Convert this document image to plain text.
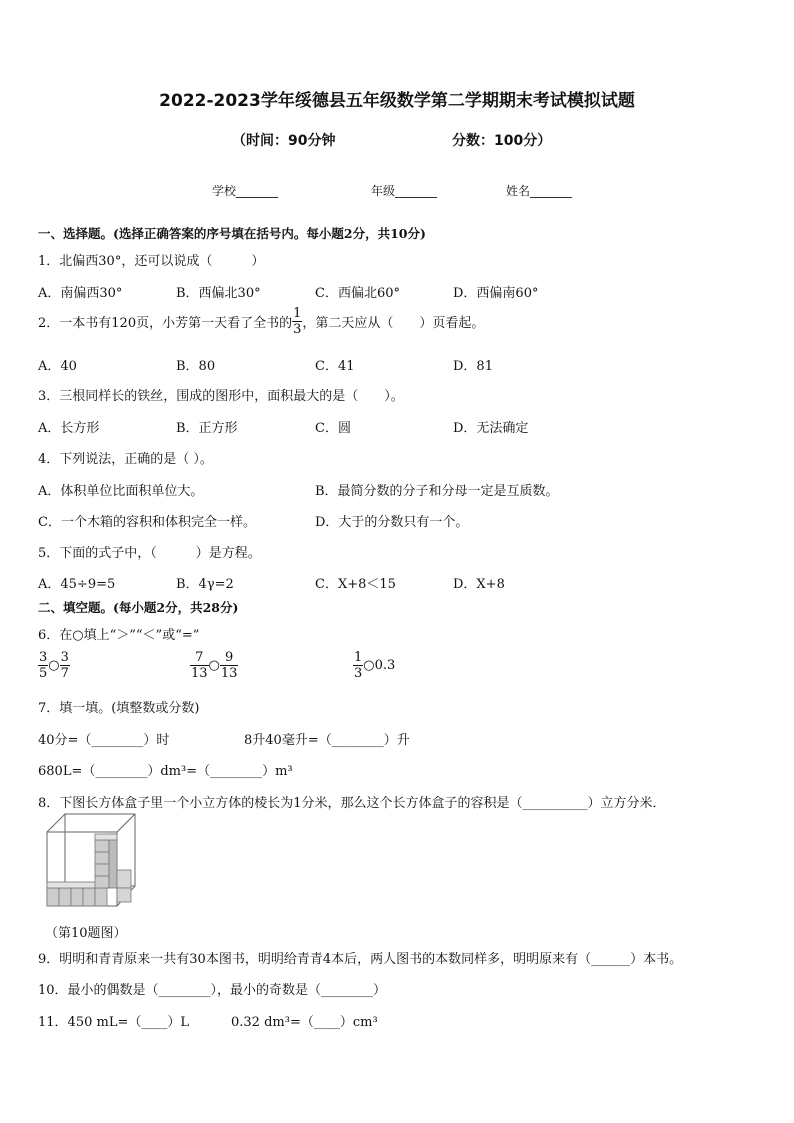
2022-2023学年绥德县五年级数学第二学期期末考试模拟试题
（时间：90分钟	分数：100分）
学校_______	年级_______	姓名_______
一、选择题。(选择正确答案的序号填在括号内。每小题2分，共10分)
1．北偏西30°，还可以说成（　　　）
A．南偏西30°	B．西偏北30°	C．西偏北60°	D．西偏南60°
2．一本书有120页，小芳第一天看了全书的 $\frac{1}{3}$ ，第二天应从（　　）页看起。
A．40	B．80	C．41	D．81
3．三根同样长的铁丝，围成的图形中，面积最大的是（　　）。
A．长方形	B．正方形	C．圆	D．无法确定
4．下列说法，正确的是（ ）。
A．体积单位比面积单位大。	B．最简分数的分子和分母一定是互质数。
C．一个木箱的容积和体积完全一样。	D．大于的分数只有一个。
5．下面的式子中，（　　　）是方程。
A．45÷9=5	B．4γ=2	C．X+8＜15	D．X+8
二、填空题。(每小题2分，共28分)
6．在○填上“＞”“＜”或“=”
$\frac{3}{5}$ ○ $\frac{3}{7}$	$\frac{7}{13}$ ○ $\frac{9}{13}$	$\frac{1}{3}$ ○0.3
7．填一填。(填整数或分数)
40分=（________）时	8升40毫升=（________）升
680L=（________）dm³=（________）m³
8．下图长方体盒子里一个小立方体的棱长为1分米，那么这个长方体盒子的容积是（__________）立方分米．
（第10题图）
9．明明和青青原来一共有30本图书，明明给青青4本后，两人图书的本数同样多，明明原来有（______）本书。
10．最小的偶数是（________），最小的奇数是（________）
11．450 mL=（____）L	0.32 dm³=（____）cm³
